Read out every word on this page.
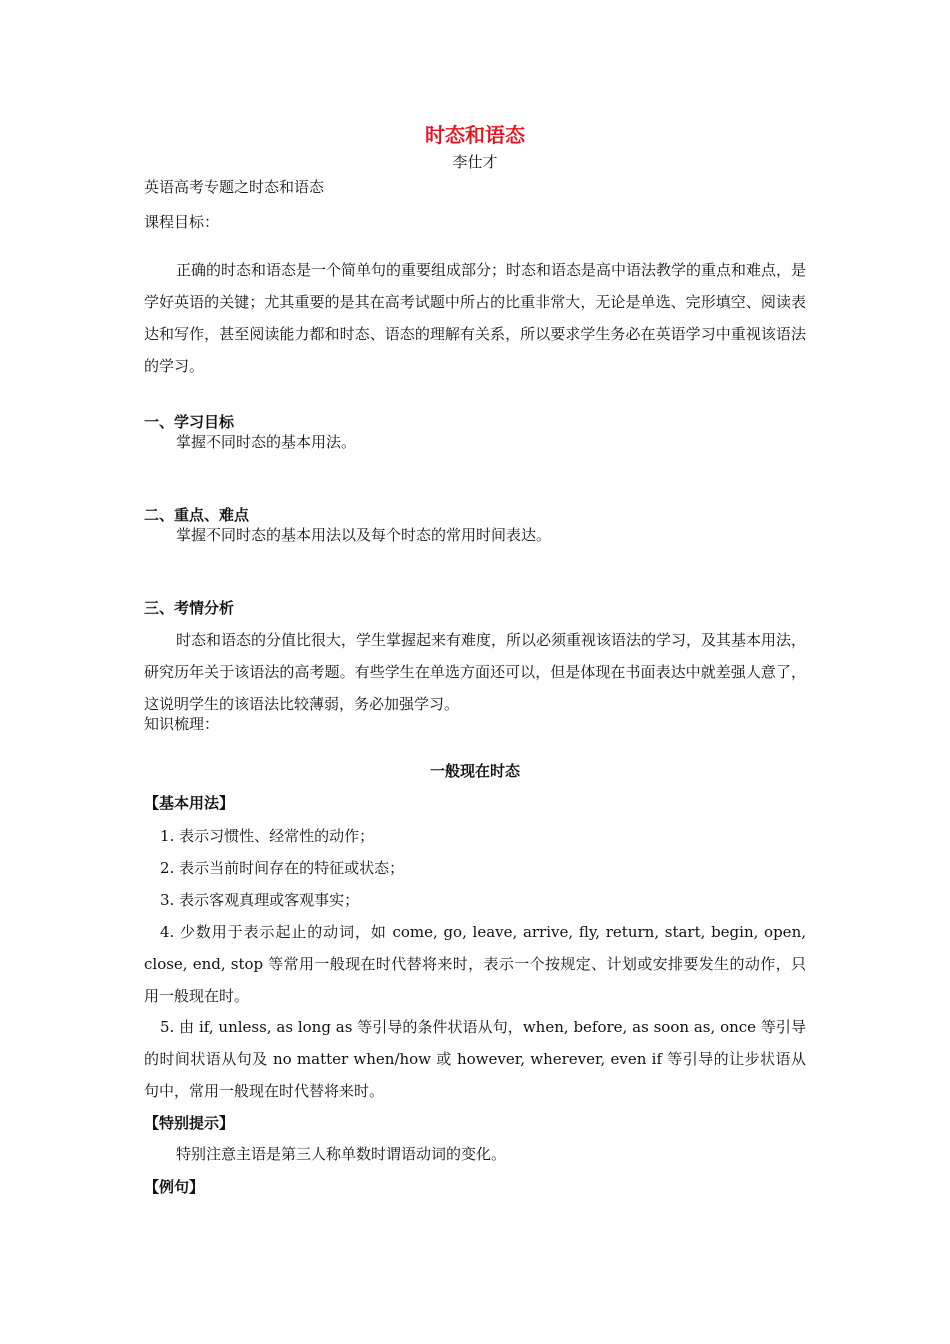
时态和语态
李仕才
英语高考专题之时态和语态
课程目标：
正确的时态和语态是一个简单句的重要组成部分；时态和语态是高中语法教学的重点和难点，是学好英语的关键；尤其重要的是其在高考试题中所占的比重非常大，无论是单选、完形填空、阅读表达和写作，甚至阅读能力都和时态、语态的理解有关系，所以要求学生务必在英语学习中重视该语法的学习。
一、学习目标
掌握不同时态的基本用法。
二、重点、难点
掌握不同时态的基本用法以及每个时态的常用时间表达。
三、考情分析
时态和语态的分值比很大，学生掌握起来有难度，所以必须重视该语法的学习，及其基本用法，研究历年关于该语法的高考题。有些学生在单选方面还可以，但是体现在书面表达中就差强人意了，这说明学生的该语法比较薄弱，务必加强学习。
知识梳理：
一般现在时态
【基本用法】
1. 表示习惯性、经常性的动作；
2. 表示当前时间存在的特征或状态；
3. 表示客观真理或客观事实；
4. 少数用于表示起止的动词，如 come, go, leave, arrive, fly, return, start, begin, open, close, end, stop 等常用一般现在时代替将来时，表示一个按规定、计划或安排要发生的动作，只用一般现在时。
5. 由 if, unless, as long as 等引导的条件状语从句，when, before, as soon as, once 等引导的时间状语从句及 no matter when/how 或 however, wherever, even if 等引导的让步状语从句中，常用一般现在时代替将来时。
【特别提示】
特别注意主语是第三人称单数时谓语动词的变化。
【例句】
